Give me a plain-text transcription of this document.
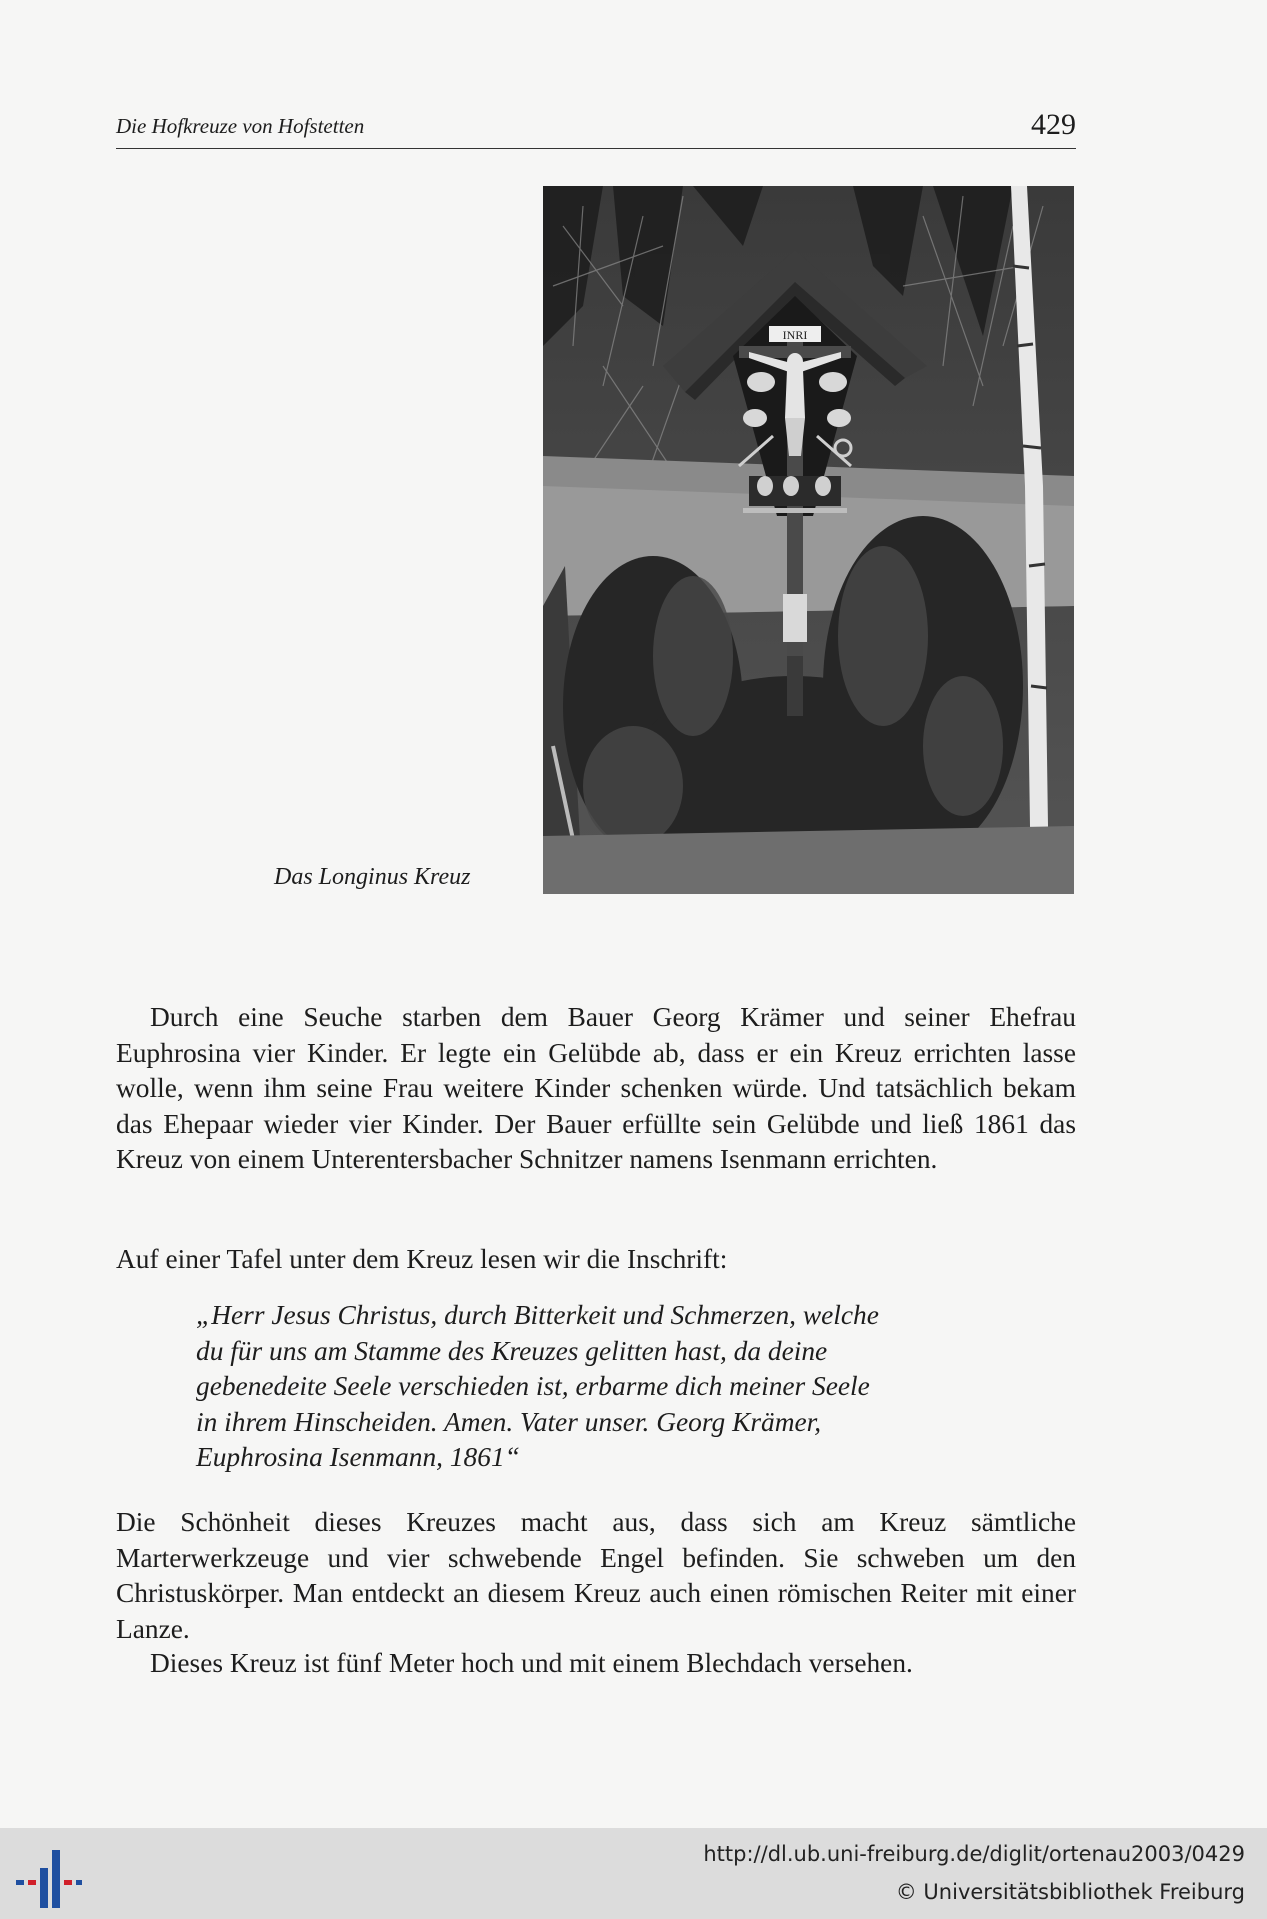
Die Hofkreuze von Hofstetten	429
INRI
Das Longinus Kreuz

Durch eine Seuche starben dem Bauer Georg Krämer und seiner Ehefrau Euphrosina vier Kinder. Er legte ein Gelübde ab, dass er ein Kreuz errichten lasse wolle, wenn ihm seine Frau weitere Kinder schenken würde. Und tatsächlich bekam das Ehepaar wieder vier Kinder. Der Bauer erfüllte sein Gelübde und ließ 1861 das Kreuz von einem Unterentersbacher Schnitzer namens Isenmann errichten.

Auf einer Tafel unter dem Kreuz lesen wir die Inschrift:

„Herr Jesus Christus, durch Bitterkeit und Schmerzen, welche
du für uns am Stamme des Kreuzes gelitten hast, da deine
gebenedeite Seele verschieden ist, erbarme dich meiner Seele
in ihrem Hinscheiden. Amen. Vater unser. Georg Krämer,
Euphrosina Isenmann, 1861“

Die Schönheit dieses Kreuzes macht aus, dass sich am Kreuz sämtliche Marterwerkzeuge und vier schwebende Engel befinden. Sie schweben um den Christuskörper. Man entdeckt an diesem Kreuz auch einen römischen Reiter mit einer Lanze.

Dieses Kreuz ist fünf Meter hoch und mit einem Blechdach versehen.

http://dl.ub.uni-freiburg.de/diglit/ortenau2003/0429
© Universitätsbibliothek Freiburg
